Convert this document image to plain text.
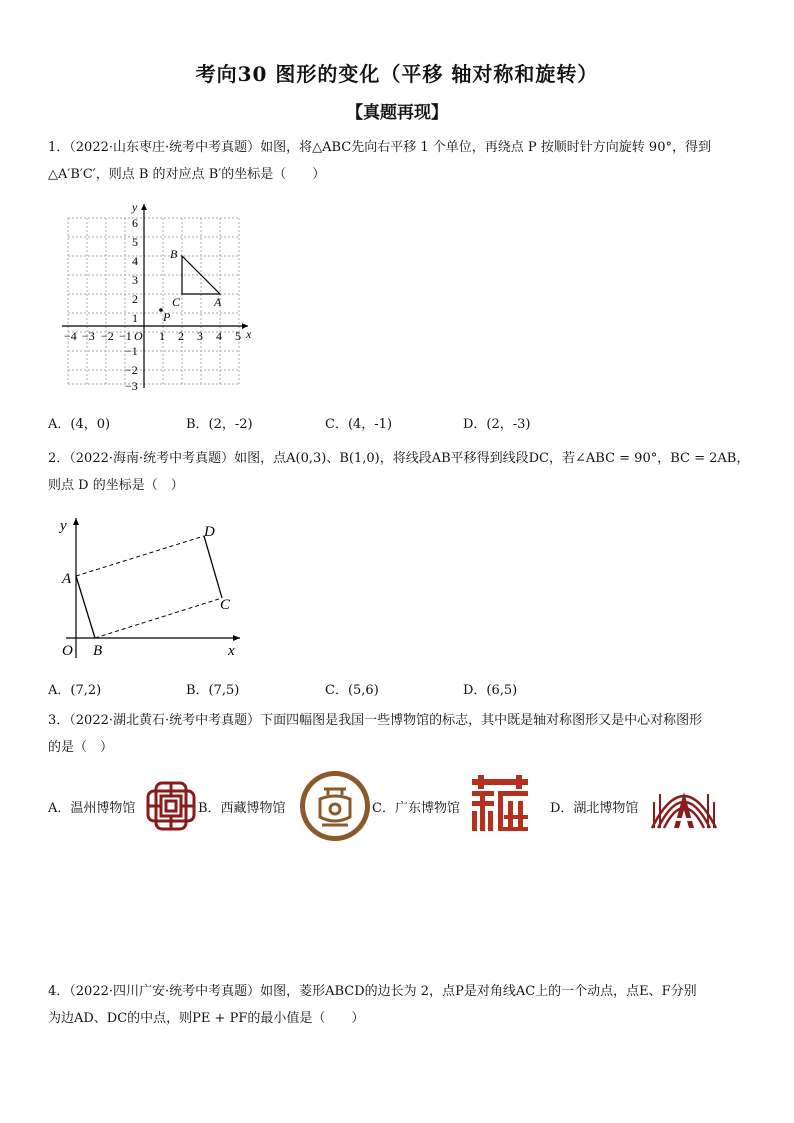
考向30 图形的变化（平移 轴对称和旋转）
【真题再现】
1．（2022·山东枣庄·统考中考真题）如图，将△ABC先向右平移 1 个单位，再绕点 P 按顺时针方向旋转 90°，得到
△A′B′C′，则点 B 的对应点 B′的坐标是（　　）
x
y
−4 −3 −2 −1 O 1 2 3 4 5
6
5
4
3
2
1
−1
−2
−3
B
C	A
P
A．(4，0)	B．(2，-2)	C．(4，-1)	D．(2，-3)
2．（2022·海南·统考中考真题）如图，点A(0,3)、B(1,0)，将线段AB平移得到线段DC，若∠ABC = 90°，BC = 2AB，
则点 D 的坐标是（　）
y
x
O
A
B
C
D
A．(7,2)	B．(7,5)	C．(5,6)	D．(6,5)
3．（2022·湖北黄石·统考中考真题）下面四幅图是我国一些博物馆的标志，其中既是轴对称图形又是中心对称图形
的是（　）
A．温州博物馆	B．西藏博物馆	C．广东博物馆	D．湖北博物馆
4．（2022·四川广安·统考中考真题）如图，菱形ABCD的边长为 2，点P是对角线AC上的一个动点，点E、F分别
为边AD、DC的中点，则PE + PF的最小值是（　　）
